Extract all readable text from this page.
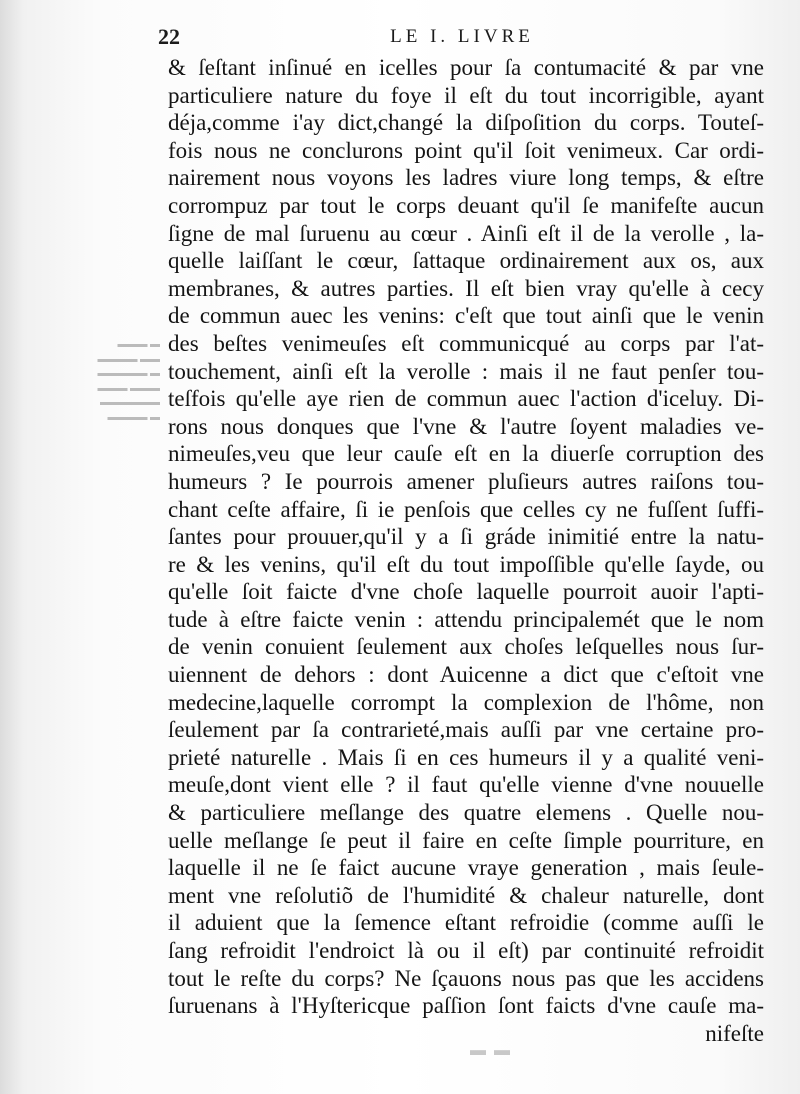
22	LE I. LIVRE
▬▬▬ ▬
▬▬▬▬ ▬▬
▬▬▬▬▬ ▬
▬▬▬ ▬▬▬
▬▬▬▬▬▬
▬▬▬▬ ▬
& ſeſtant inſinué en icelles pour ſa contumacité & par vne
particuliere nature du foye il eſt du tout incorrigible, ayant
déja,comme i'ay dict,changé la diſpoſition du corps. Touteſ-
fois nous ne conclurons point qu'il ſoit venimeux. Car ordi-
nairement nous voyons les ladres viure long temps, & eſtre
corrompuz par tout le corps deuant qu'il ſe manifeſte aucun
ſigne de mal ſuruenu au cœur . Ainſi eſt il de la verolle , la-
quelle laiſſant le cœur, ſattaque ordinairement aux os, aux
membranes, & autres parties. Il eſt bien vray qu'elle à cecy
de commun auec les venins: c'eſt que tout ainſi que le venin
des beſtes venimeuſes eſt communicqué au corps par l'at-
touchement, ainſi eſt la verolle : mais il ne faut penſer tou-
teſfois qu'elle aye rien de commun auec l'action d'iceluy. Di-
rons nous donques que l'vne & l'autre ſoyent maladies ve-
nimeuſes,veu que leur cauſe eſt en la diuerſe corruption des
humeurs ? Ie pourrois amener pluſieurs autres raiſons tou-
chant ceſte affaire, ſi ie penſois que celles cy ne fuſſent ſuffi-
ſantes pour prouuer,qu'il y a ſi gráde inimitié entre la natu-
re & les venins, qu'il eſt du tout impoſſible qu'elle ſayde, ou
qu'elle ſoit faicte d'vne choſe laquelle pourroit auoir l'apti-
tude à eſtre faicte venin : attendu principalemét que le nom
de venin conuient ſeulement aux choſes leſquelles nous ſur-
uiennent de dehors : dont Auicenne a dict que c'eſtoit vne
medecine,laquelle corrompt la complexion de l'hôme, non
ſeulement par ſa contrarieté,mais auſſi par vne certaine pro-
prieté naturelle . Mais ſi en ces humeurs il y a qualité veni-
meuſe,dont vient elle ? il faut qu'elle vienne d'vne nouuelle
& particuliere meſlange des quatre elemens . Quelle nou-
uelle meſlange ſe peut il faire en ceſte ſimple pourriture, en
laquelle il ne ſe faict aucune vraye generation , mais ſeule-
ment vne reſolutiõ de l'humidité & chaleur naturelle, dont
il aduient que la ſemence eſtant refroidie (comme auſſi le
ſang refroidit l'endroict là ou il eſt) par continuité refroidit
tout le reſte du corps? Ne ſçauons nous pas que les accidens
ſuruenans à l'Hyſtericque paſſion ſont faicts d'vne cauſe ma-
nifeſte
▬ ▬
